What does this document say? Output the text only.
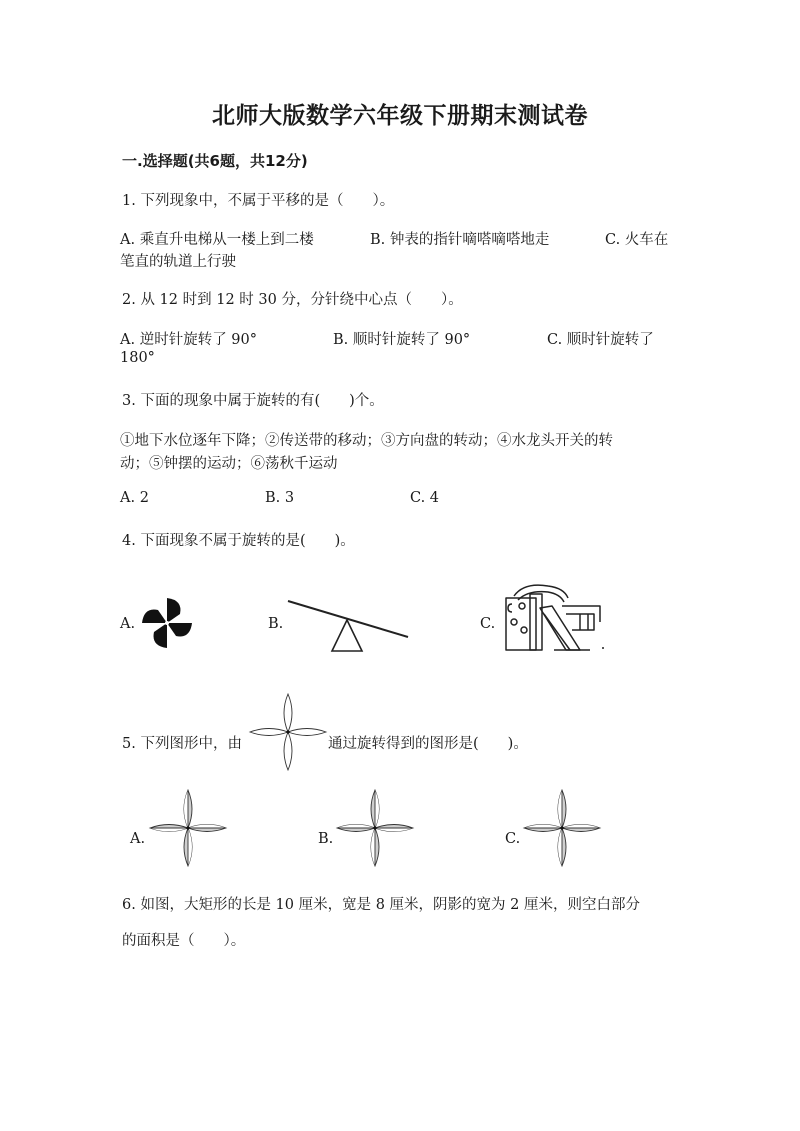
北师大版数学六年级下册期末测试卷
一.选择题(共6题，共12分)
1. 下列现象中，不属于平移的是（　　）。
A. 乘直升电梯从一楼上到二楼	B. 钟表的指针嘀嗒嘀嗒地走	C. 火车在
笔直的轨道上行驶
2. 从 12 时到 12 时 30 分，分针绕中心点（　　）。
A. 逆时针旋转了 90°	B. 顺时针旋转了 90°	C. 顺时针旋转了
180°
3. 下面的现象中属于旋转的有(　　)个。
①地下水位逐年下降；②传送带的移动；③方向盘的转动；④水龙头开关的转
动；⑤钟摆的运动；⑥荡秋千运动
A. 2	B. 3	C. 4
4. 下面现象不属于旋转的是(　　)。
A.	B.	C.
5. 下列图形中，由	通过旋转得到的图形是(　　)。
A.	B.	C.
6. 如图，大矩形的长是 10 厘米，宽是 8 厘米，阴影的宽为 2 厘米，则空白部分
的面积是（　　）。
